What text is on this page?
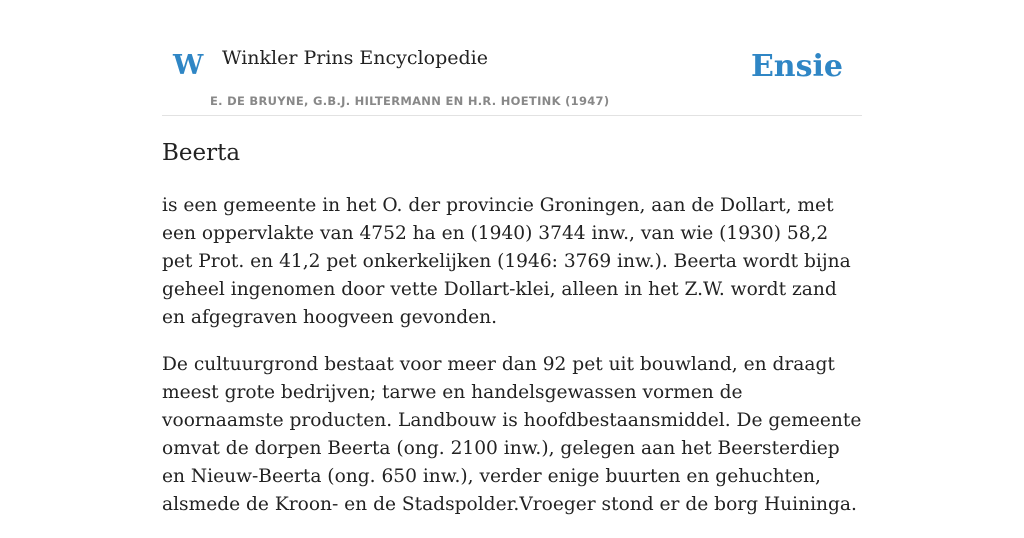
W Winkler Prins Encyclopedie
E. DE BRUYNE, G.B.J. HILTERMANN EN H.R. HOETINK (1947)
Ensie
Beerta

is een gemeente in het O. der provincie Groningen, aan de Dollart, met een oppervlakte van 4752 ha en (1940) 3744 inw., van wie (1930) 58,2 pet Prot. en 41,2 pet onkerkelijken (1946: 3769 inw.). Beerta wordt bijna geheel ingenomen door vette Dollart-klei, alleen in het Z.W. wordt zand en afgegraven hoogveen gevonden.

De cultuurgrond bestaat voor meer dan 92 pet uit bouwland, en draagt meest grote bedrijven; tarwe en handelsgewassen vormen de voornaamste producten. Landbouw is hoofdbestaansmiddel. De gemeente omvat de dorpen Beerta (ong. 2100 inw.), gelegen aan het Beersterdiep en Nieuw-Beerta (ong. 650 inw.), verder enige buurten en gehuchten, alsmede de Kroon- en de Stadspolder.Vroeger stond er de borg Huininga.
